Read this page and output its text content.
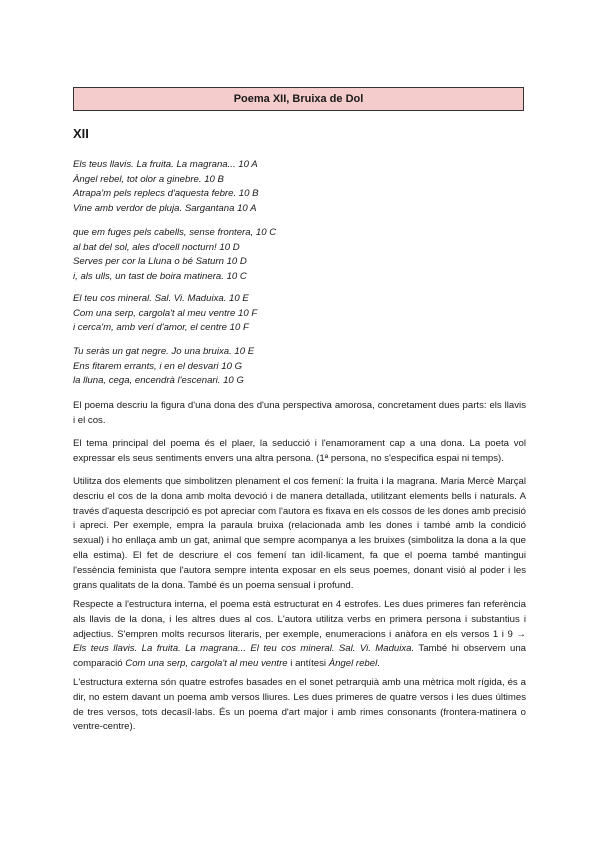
Poema XII, Bruixa de Dol
XII
Els teus llavis. La fruita. La magrana... 10 A
Àngel rebel, tot olor a ginebre. 10 B
Atrapa'm pels replecs d'aquesta febre. 10 B
Vine amb verdor de pluja. Sargantana 10 A
que em fuges pels cabells, sense frontera, 10 C
al bat del sol, ales d'ocell nocturn! 10 D
Serves per cor la Lluna o bé Saturn 10 D
i, als ulls, un tast de boira matinera. 10 C
El teu cos mineral. Sal. Vi. Maduixa. 10 E
Com una serp, cargola't al meu ventre 10 F
i cerca'm, amb verí d'amor, el centre 10 F
Tu seràs un gat negre. Jo una bruixa. 10 E
Ens fitarem errants, i en el desvari 10 G
la lluna, cega, encendrà l'escenari. 10 G

El poema descriu la figura d'una dona des d'una perspectiva amorosa, concretament dues parts: els llavis i el cos.

El tema principal del poema és el plaer, la seducció i l'enamorament cap a una dona. La poeta vol expressar els seus sentiments envers una altra persona. (1ª persona, no s'especifica espai ni temps).

Utilitza dos elements que simbolitzen plenament el cos femení: la fruita i la magrana. Maria Mercè Marçal descriu el cos de la dona amb molta devoció i de manera detallada, utilitzant elements bells i naturals. A través d'aquesta descripció es pot apreciar com l'autora es fixava en els cossos de les dones amb precisió i apreci. Per exemple, empra la paraula bruixa (relacionada amb les dones i també amb la condició sexual) i ho enllaça amb un gat, animal que sempre acompanya a les bruixes (simbolitza la dona a la que ella estima). El fet de descriure el cos femení tan idíl·licament, fa que el poema també mantingui l'essència feminista que l'autora sempre intenta exposar en els seus poemes, donant visió al poder i les grans qualitats de la dona. També és un poema sensual i profund.

Respecte a l'estructura interna, el poema està estructurat en 4 estrofes. Les dues primeres fan referència als llavis de la dona, i les altres dues al cos. L'autora utilitza verbs en primera persona i substantius i adjectius. S'empren molts recursos literaris, per exemple, enumeracions i anàfora en els versos 1 i 9 → Els teus llavis. La fruita. La magrana... El teu cos mineral. Sal. Vi. Maduixa. També hi observem una comparació Com una serp, cargola't al meu ventre i antítesi Àngel rebel.

L'estructura externa són quatre estrofes basades en el sonet petrarquià amb una mètrica molt rígida, és a dir, no estem davant un poema amb versos lliures. Les dues primeres de quatre versos i les dues últimes de tres versos, tots decasíl·labs. És un poema d'art major i amb rimes consonants (frontera-matinera o ventre-centre).
